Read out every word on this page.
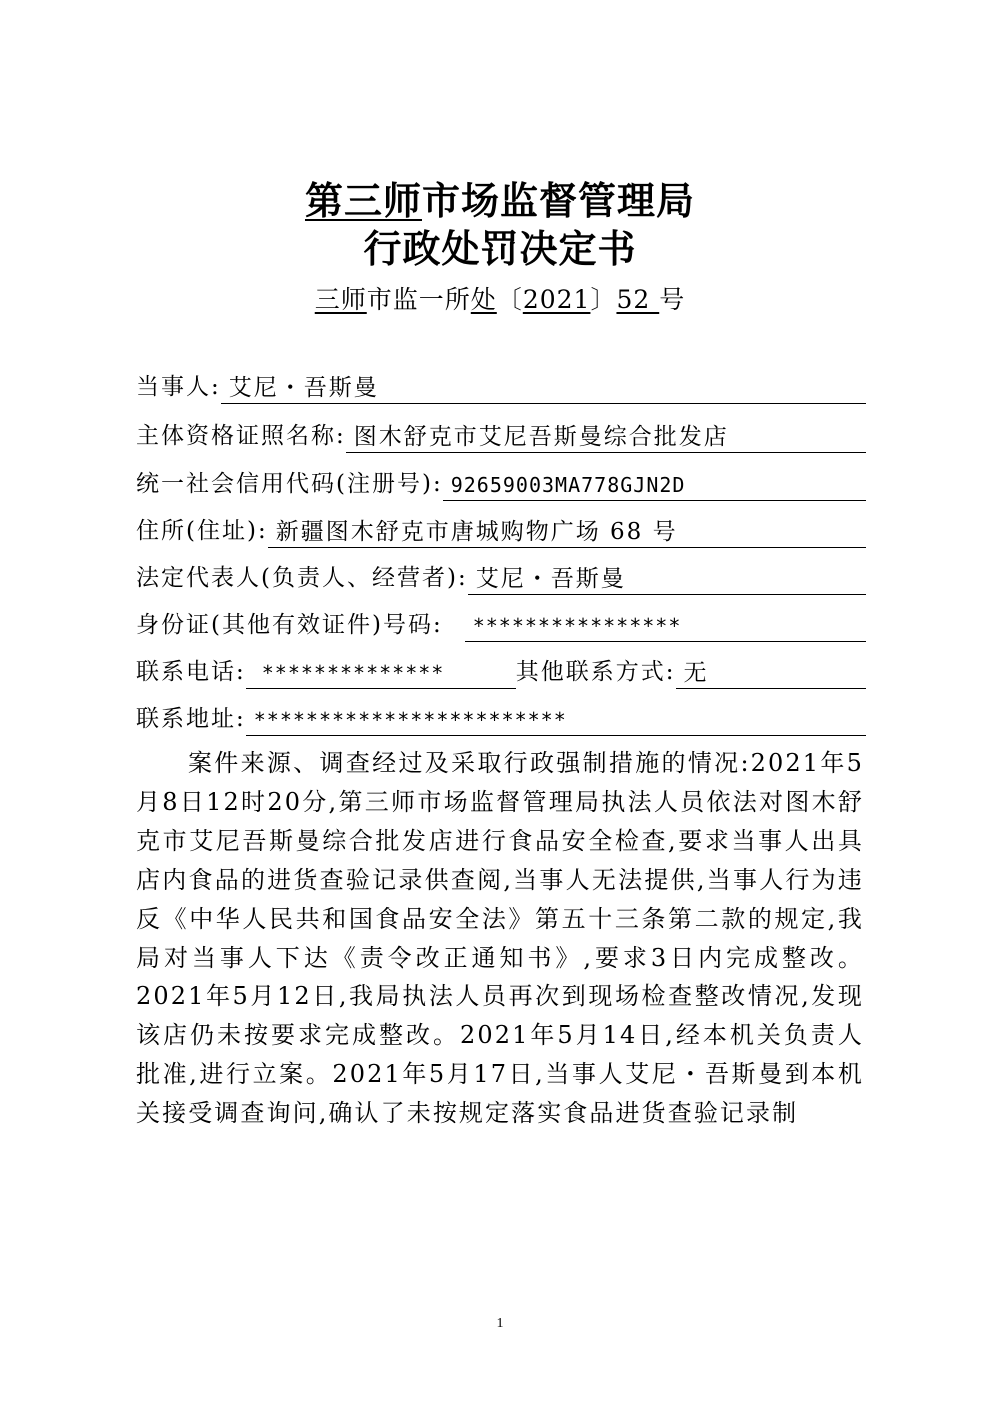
第三师市场监督管理局
行政处罚决定书
三师市监一所处〔2021〕52 号
当事人: 艾尼・吾斯曼
主体资格证照名称: 图木舒克市艾尼吾斯曼综合批发店
统一社会信用代码(注册号): 92659003MA778GJN2D
住所(住址): 新疆图木舒克市唐城购物广场 68 号
法定代表人(负责人、经营者): 艾尼・吾斯曼
身份证(其他有效证件)号码:	****************
联系电话: **************	其他联系方式: 无
联系地址: ************************
案件来源、调查经过及采取行政强制措施的情况:2021年5月8日12时20分,第三师市场监督管理局执法人员依法对图木舒克市艾尼吾斯曼综合批发店进行食品安全检查,要求当事人出具店内食品的进货查验记录供查阅,当事人无法提供,当事人行为违反《中华人民共和国食品安全法》第五十三条第二款的规定,我局对当事人下达《责令改正通知书》,要求3日内完成整改。2021年5月12日,我局执法人员再次到现场检查整改情况,发现该店仍未按要求完成整改。2021年5月14日,经本机关负责人批准,进行立案。2021年5月17日,当事人艾尼・吾斯曼到本机关接受调查询问,确认了未按规定落实食品进货查验记录制
1
